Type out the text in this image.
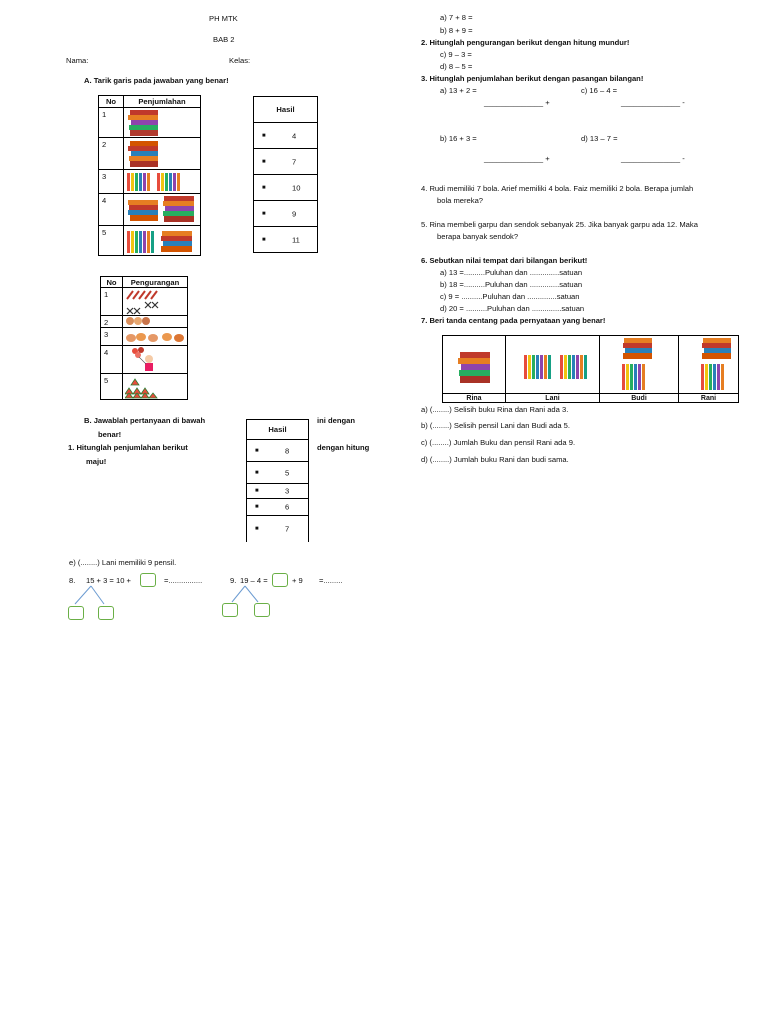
PH MTK
BAB 2
Nama:	Kelas:
A. Tarik garis pada jawaban yang benar!
No	Penjumlahan
1	

2	

3	

4	

5	
Hasil

■	4

■	7

■	10

■	9

■	11
No	Pengurangan
1	

2	

3	

4	

5	
B. Jawablah pertanyaan di bawah	ini dengan
benar!
1. Hitunglah penjumlahan berikut	dengan hitung
maju!
Hasil

■	8

■	5

■	3

■	6

■	7
e) (........) Lani memiliki 9 pensil.
8. 15 + 3 = 10 +	=................	9. 19 – 4 =	+ 9 =.........
a) 7 + 8 =
b) 8 + 9 =
2. Hitunglah pengurangan berikut dengan hitung mundur!
c) 9 – 3 =
d) 8 – 5 =
3. Hitunglah penjumlahan berikut dengan pasangan bilangan!
a) 13 + 2 =	c) 16 – 4 =
______________ +	______________ -
b) 16 + 3 =	d) 13 – 7 =
______________ +	______________ -
4. Rudi memiliki 7 bola. Arief memiliki 4 bola. Faiz memiliki 2 bola. Berapa jumlah
bola mereka?
5. Rina membeli garpu dan sendok sebanyak 25. Jika banyak garpu ada 12. Maka
berapa banyak sendok?
6. Sebutkan nilai tempat dari bilangan berikut!
a) 13 =..........Puluhan dan ..............satuan
b) 18 =..........Puluhan dan ..............satuan
c) 9 = ..........Puluhan dan ..............satuan
d) 20 = ..........Puluhan dan ..............satuan
7. Beri tanda centang pada pernyataan yang benar!

Rina	Lani	Budi	Rani
a) (........) Selisih buku Rina dan Rani ada 3.
b) (........) Selisih pensil Lani dan Budi ada 5.
c) (........) Jumlah Buku dan pensil Rani ada 9.
d) (........) Jumlah buku Rani dan budi sama.
